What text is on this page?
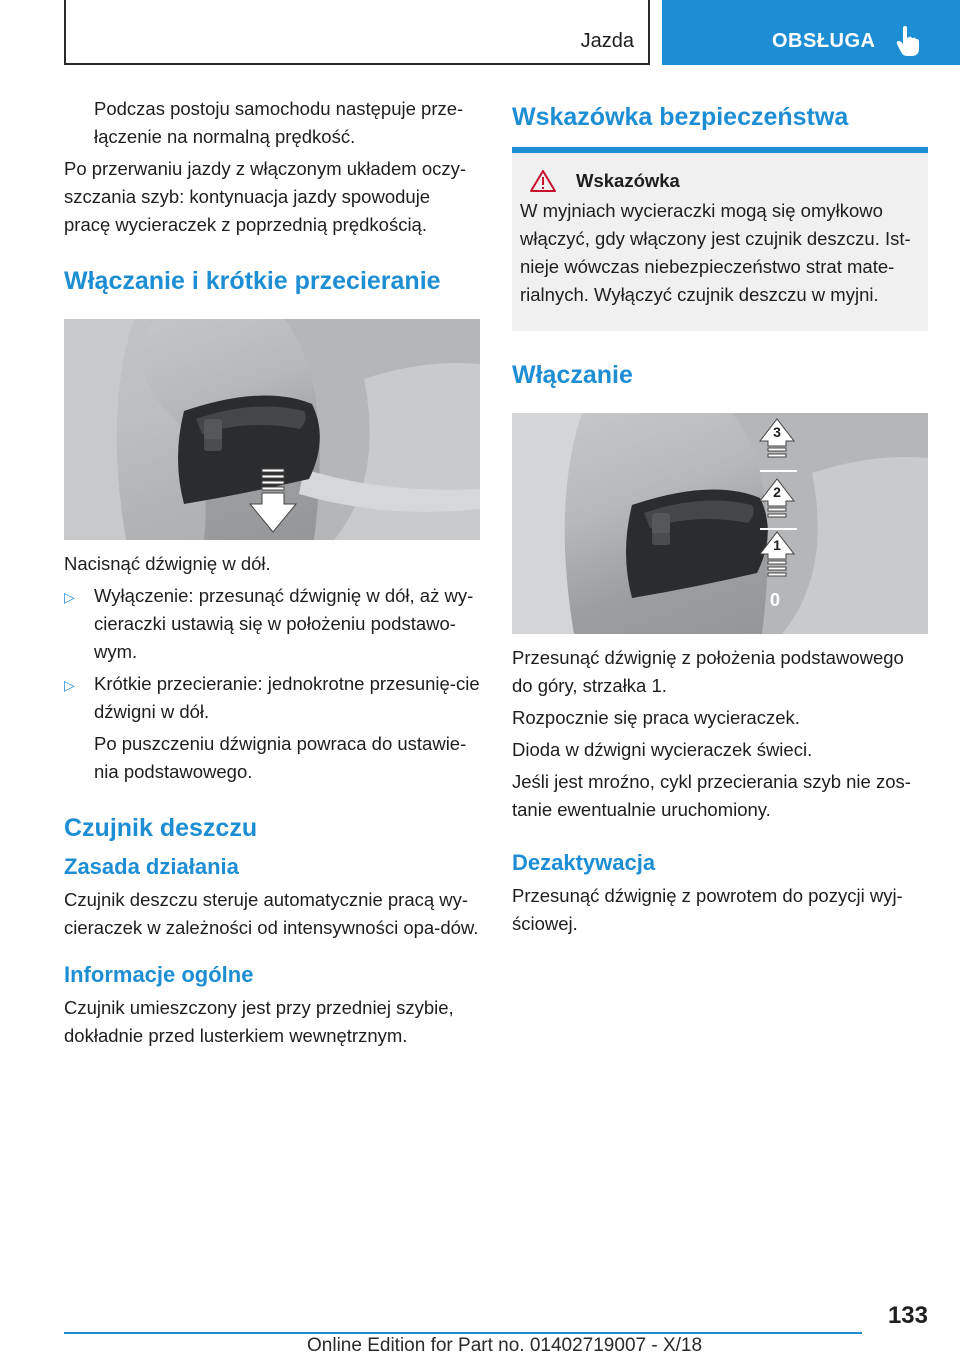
Jazda	OBSŁUGA

Podczas postoju samochodu następuje prze-łączenie na normalną prędkość.

Po przerwaniu jazdy z włączonym układem oczy-szczania szyb: kontynuacja jazdy spowoduje pracę wycieraczek z poprzednią prędkością.

Włączanie i krótkie przecieranie

Nacisnąć dźwignię w dół.

▷	Wyłączenie: przesunąć dźwignię w dół, aż wy-cieraczki ustawią się w położeniu podstawo-wym.
▷	Krótkie przecieranie: jednokrotne przesunię-cie dźwigni w dół.

Po puszczeniu dźwignia powraca do ustawie-nia podstawowego.

Czujnik deszczu
Zasada działania

Czujnik deszczu steruje automatycznie pracą wy-cieraczek w zależności od intensywności opa-dów.

Informacje ogólne

Czujnik umieszczony jest przy przedniej szybie, dokładnie przed lusterkiem wewnętrznym.

Wskazówka bezpieczeństwa
Wskazówka

W myjniach wycieraczki mogą się omyłkowo włączyć, gdy włączony jest czujnik deszczu. Ist-nieje wówczas niebezpieczeństwo strat mate-rialnych. Wyłączyć czujnik deszczu w myjni.

Włączanie
3
2
1
0

Przesunąć dźwignię z położenia podstawowego do góry, strzałka 1.

Rozpocznie się praca wycieraczek.

Dioda w dźwigni wycieraczek świeci.

Jeśli jest mroźno, cykl przecierania szyb nie zos-tanie ewentualnie uruchomiony.

Dezaktywacja

Przesunąć dźwignię z powrotem do pozycji wyj-ściowej.

133
Online Edition for Part no. 01402719007 - X/18
